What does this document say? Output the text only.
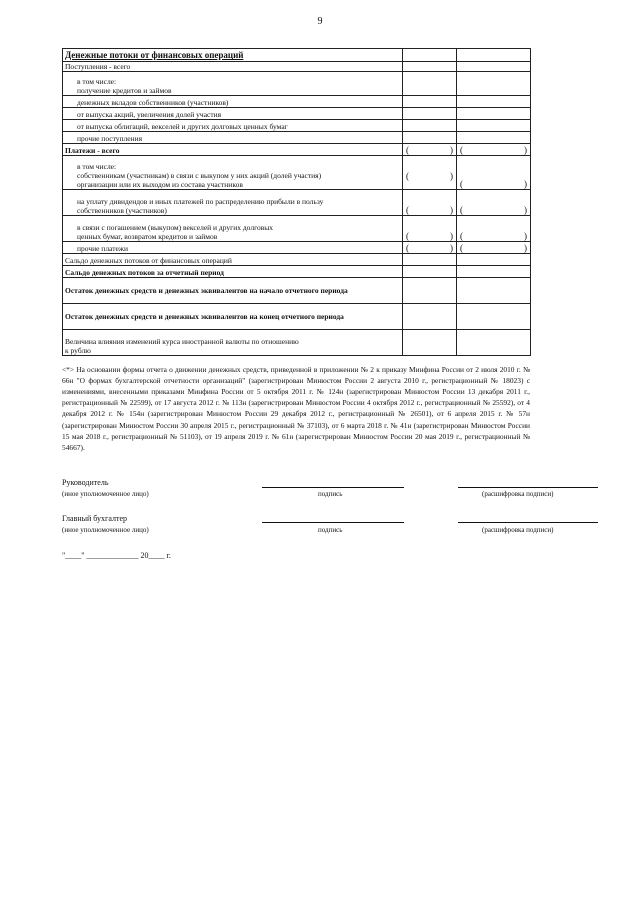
9
Денежные потоки от финансовых операций		
Поступления - всего		
в том числе:
получение кредитов и займов		
денежных вкладов собственников (участников)		
от выпуска акций, увеличения долей участия		
от выпуска облигаций, векселей и других долговых ценных бумаг		
прочие поступления		
Платежи - всего	( )	( )

в том числе:
собственникам (участникам) в связи с выкупом у них акций (долей участия)
организации или их выходом из состава участников	( )	( )

на уплату дивидендов и иных платежей по распределению прибыли в пользу
собственников (участников)	( )	( )

в связи с погашением (выкупом) векселей и других долговых
ценных бумаг, возвратом кредитов и займов	( )	( )

прочие платежи	( )	( )

Сальдо денежных потоков от финансовых операций		
Сальдо денежных потоков за отчетный период		
Остаток денежных средств и денежных эквивалентов на начало отчетного периода		
Остаток денежных средств и денежных эквивалентов на конец отчетного периода		
Величина влияния изменений курса иностранной валюты по отношению
к рублю		
<*> На основании формы отчета о движении денежных средств, приведенной в приложении № 2 к приказу Минфина России от 2 июля 2010 г. № 66н "О формах бухгалтерской отчетности организаций" (зарегистрирован Минюстом России 2 августа 2010 г., регистрационный № 18023) с изменениями, внесенными приказами Минфина России от 5 октября 2011 г. № 124н (зарегистрирован Минюстом России 13 декабря 2011 г., регистрационный № 22599), от 17 августа 2012 г. № 113н (зарегистрирован Минюстом России 4 октября 2012 г., регистрационный № 25592), от 4 декабря 2012 г. № 154н (зарегистрирован Минюстом России 29 декабря 2012 г., регистрационный № 26501), от 6 апреля 2015 г. № 57н (зарегистрирован Минюстом России 30 апреля 2015 г., регистрационный № 37103), от 6 марта 2018 г. № 41н (зарегистрирован Минюстом России 15 мая 2018 г., регистрационный № 51103), от 19 апреля 2019 г. № 61н (зарегистрирован Минюстом России 20 мая 2019 г., регистрационный № 54667).
Руководитель
(иное уполномоченное лицо)	подпись	(расшифровка подписи)
Главный бухгалтер
(иное уполномоченное лицо)	подпись	(расшифровка подписи)
"____" _____________ 20____ г.
